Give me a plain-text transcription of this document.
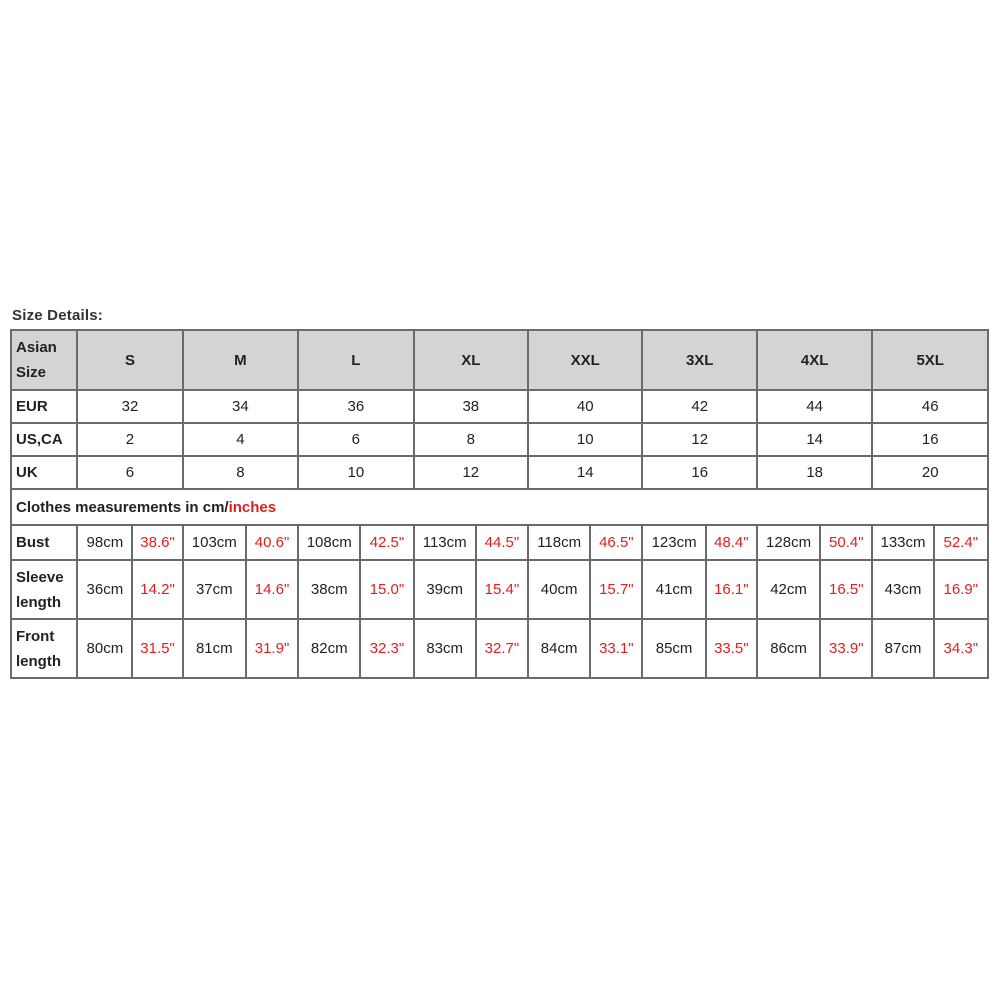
Size Details:
Asian Size	S		M		L		XL		XXL		3XL		4XL		5XL	
EUR	32		34		36		38		40		42		44		46	
US,CA	2		4		6		8		10		12		14		16	
UK	6		8		10		12		14		16		18		20	
Clothes measurements in cm/inches																
Bust	98cm	38.6"	103cm	40.6"	108cm	42.5"	113cm	44.5"	118cm	46.5"	123cm	48.4"	128cm	50.4"	133cm	52.4"
Sleeve length	36cm	14.2"	37cm	14.6"	38cm	15.0"	39cm	15.4"	40cm	15.7"	41cm	16.1"	42cm	16.5"	43cm	16.9"
Front length	80cm	31.5"	81cm	31.9"	82cm	32.3"	83cm	32.7"	84cm	33.1"	85cm	33.5"	86cm	33.9"	87cm	34.3"
